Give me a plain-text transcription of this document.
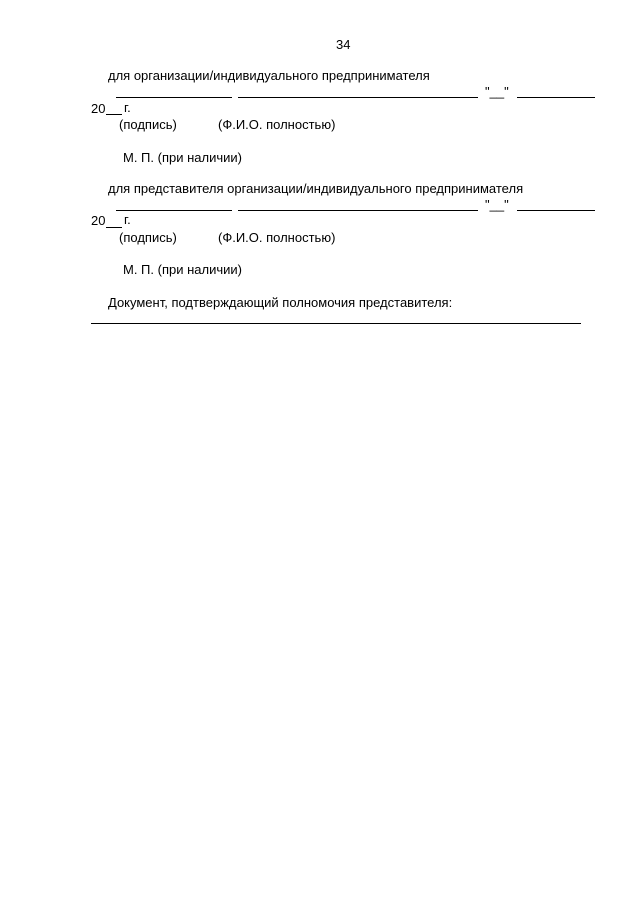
34
для организации/индивидуального предпринимателя
"__"
20 г.
(подпись)	(Ф.И.О. полностью)
М. П. (при наличии)
для представителя организации/индивидуального предпринимателя
"__"
20 г.
(подпись)	(Ф.И.О. полностью)
М. П. (при наличии)
Документ, подтверждающий полномочия представителя:
